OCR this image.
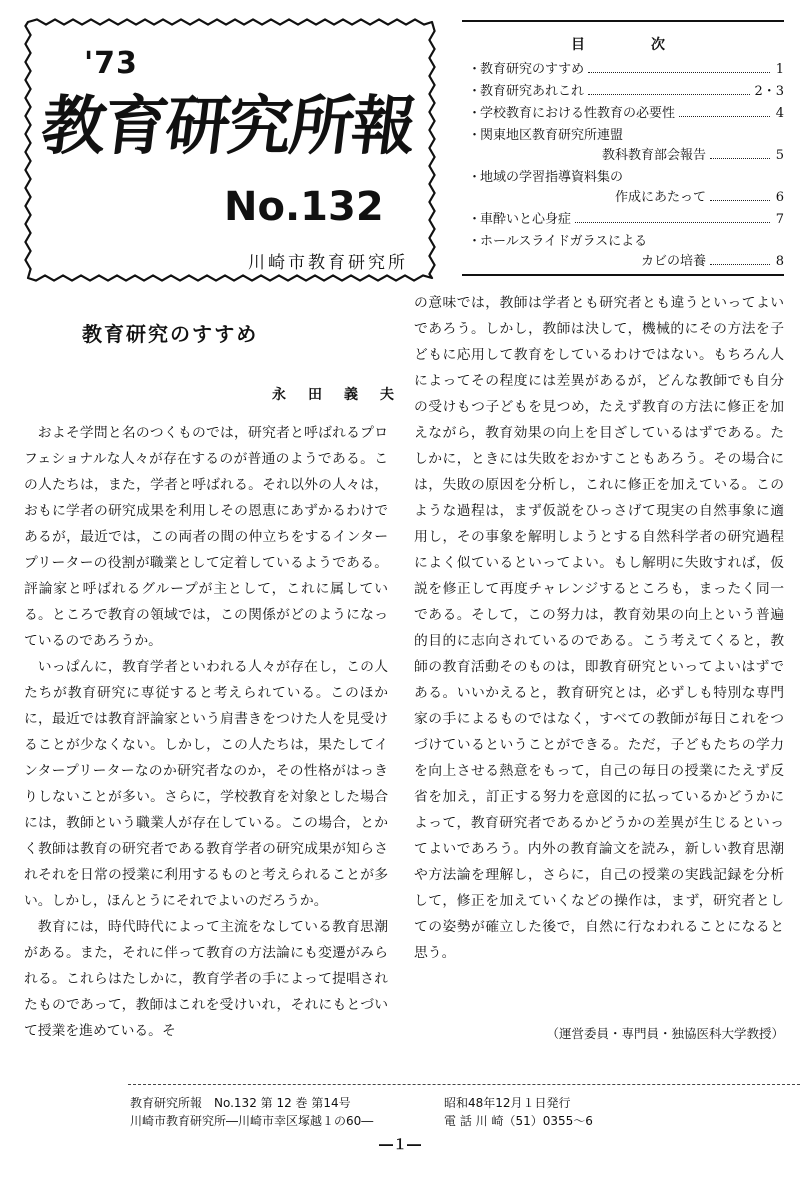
'73
教育研究所報
No.132
川崎市教育研究所
目　次
・
教育研究のすすめ	1
・
教育研究あれこれ	2・3
・
学校教育における性教育の必要性	4
・
関東地区教育研究所連盟
教科教育部会報告	5
・
地域の学習指導資料集の
作成にあたって	6
・
車酔いと心身症	7
・
ホールスライドガラスによる
カビの培養	8
教育研究のすすめ
永田義夫

およそ学問と名のつくものでは，研究者と呼ばれるプロフェショナルな人々が存在するのが普通のようである。この人たちは，また，学者と呼ばれる。それ以外の人々は，おもに学者の研究成果を利用しその恩恵にあずかるわけであるが，最近では，この両者の間の仲立ちをするインタープリーターの役割が職業として定着しているようである。評論家と呼ばれるグループが主として，これに属している。ところで教育の領域では，この関係がどのようになっているのであろうか。

いっぱんに，教育学者といわれる人々が存在し，この人たちが教育研究に専従すると考えられている。このほかに，最近では教育評論家という肩書きをつけた人を見受けることが少なくない。しかし，この人たちは，果たしてインタープリーターなのか研究者なのか，その性格がはっきりしないことが多い。さらに，学校教育を対象とした場合には，教師という職業人が存在している。この場合，とかく教師は教育の研究者である教育学者の研究成果が知らされそれを日常の授業に利用するものと考えられることが多い。しかし，ほんとうにそれでよいのだろうか。

教育には，時代時代によって主流をなしている教育思潮がある。また，それに伴って教育の方法論にも変遷がみられる。これらはたしかに，教育学者の手によって提唱されたものであって，教師はこれを受けいれ，それにもとづいて授業を進めている。そ

の意味では，教師は学者とも研究者とも違うといってよいであろう。しかし，教師は決して，機械的にその方法を子どもに応用して教育をしているわけではない。もちろん人によってその程度には差異があるが，どんな教師でも自分の受けもつ子どもを見つめ，たえず教育の方法に修正を加えながら，教育効果の向上を目ざしているはずである。たしかに，ときには失敗をおかすこともあろう。その場合には，失敗の原因を分析し，これに修正を加えている。このような過程は，まず仮説をひっさげて現実の自然事象に適用し，その事象を解明しようとする自然科学者の研究過程によく似ているといってよい。もし解明に失敗すれば，仮説を修正して再度チャレンジするところも，まったく同一である。そして，この努力は，教育効果の向上という普遍的目的に志向されているのである。こう考えてくると，教師の教育活動そのものは，即教育研究といってよいはずである。いいかえると，教育研究とは，必ずしも特別な専門家の手によるものではなく，すべての教師が毎日これをつづけているということができる。ただ，子どもたちの学力を向上させる熱意をもって，自己の毎日の授業にたえず反省を加え，訂正する努力を意図的に払っているかどうかによって，教育研究者であるかどうかの差異が生じるといってよいであろう。内外の教育論文を読み，新しい教育思潮や方法論を理解し，さらに，自己の授業の実践記録を分析して，修正を加えていくなどの操作は，まず，研究者としての姿勢が確立した後で，自然に行なわれることになると思う。

（運営委員・専門員・独協医科大学教授）
教育研究所報　No.132 第 12 巻 第14号	昭和48年12月１日発行
川崎市教育研究所―川崎市幸区塚越１の60―	電 話 川 崎（51）0355～6
―１―
